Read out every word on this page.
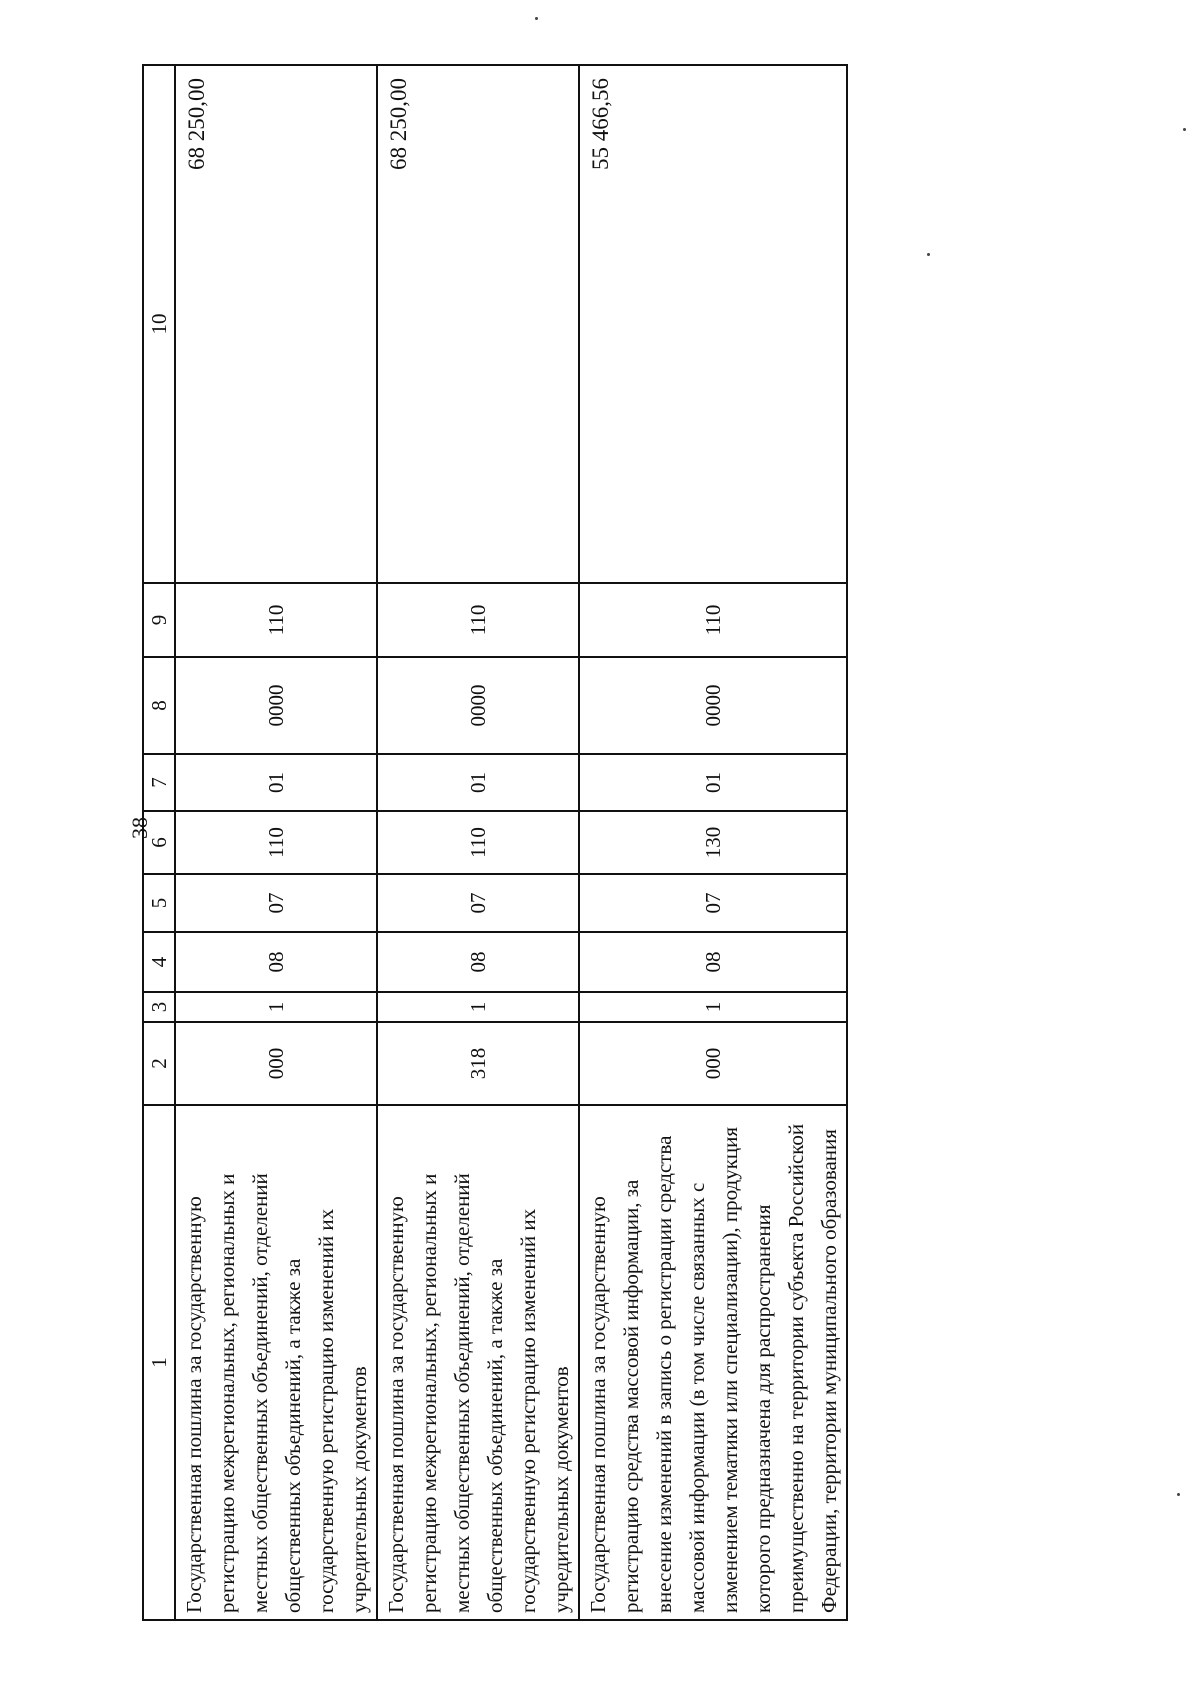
38
1	2	3	4	5	6	7	8	9	10
Государственная пошлина за государственную регистрацию межрегиональных, региональных и местных общественных объединений, отделений общественных объединений, а также за государственную регистрацию изменений их учредительных документов	000	1	08	07	110	01	0000	110	68 250,00
Государственная пошлина за государственную регистрацию межрегиональных, региональных и местных общественных объединений, отделений общественных объединений, а также за государственную регистрацию изменений их учредительных документов	318	1	08	07	110	01	0000	110	68 250,00
Государственная пошлина за государственную регистрацию средства массовой информации, за внесение изменений в запись о регистрации средства массовой информации (в том числе связанных с изменением тематики или специализации), продукция которого предназначена для распространения преимущественно на территории субъекта Российской Федерации, территории муниципального образования	000	1	08	07	130	01	0000	110	55 466,56
